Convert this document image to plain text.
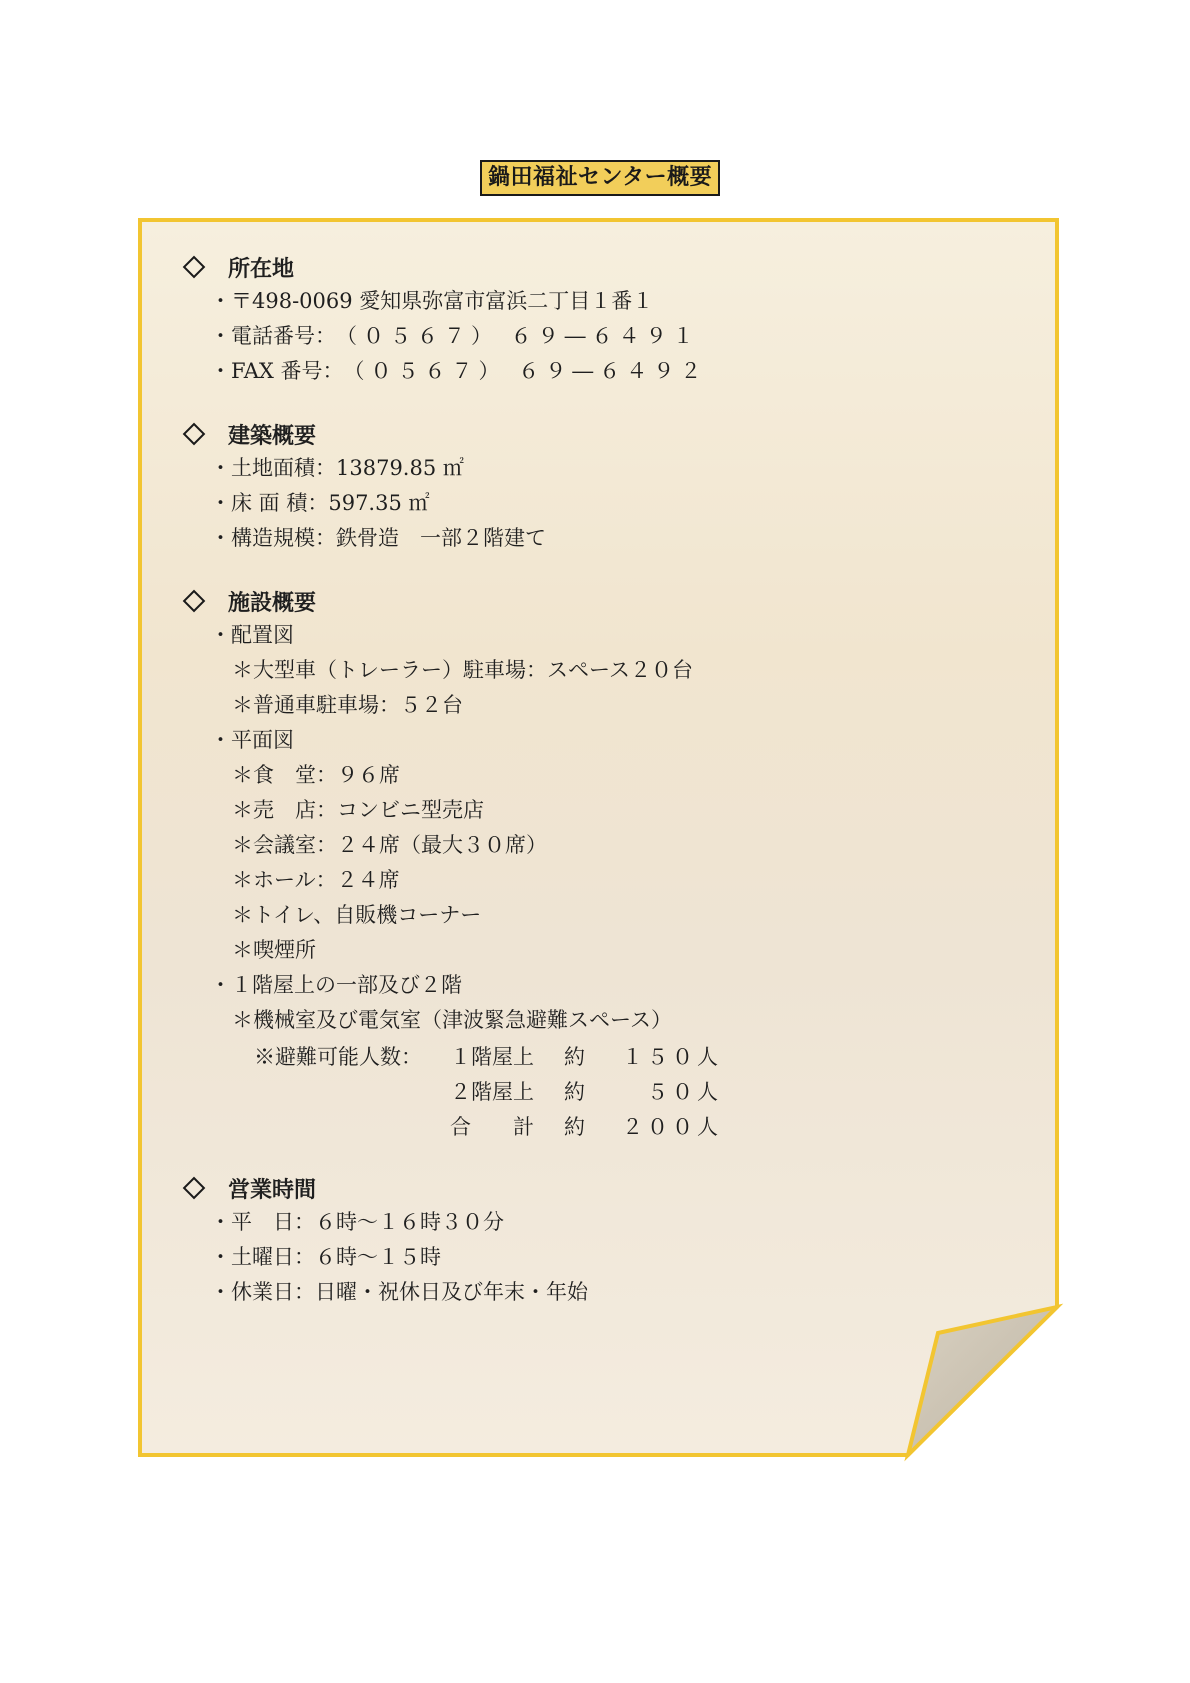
鍋田福祉センター概要
所在地
・〒498-0069 愛知県弥富市富浜二丁目１番１
・電話番号：（０５６７） ６９―６４９１
・FAX 番号：（０５６７） ６９―６４９２
建築概要
・土地面積：13879.85 ㎡
・床 面 積：597.35 ㎡
・構造規模：鉄骨造　一部２階建て
施設概要
・配置図
＊大型車（トレーラー）駐車場：スペース２０台
＊普通車駐車場：５２台
・平面図
＊食　堂：９６席
＊売　店：コンビニ型売店
＊会議室：２４席（最大３０席）
＊ホール：２４席
＊トイレ、自販機コーナー
＊喫煙所
・１階屋上の一部及び２階
＊機械室及び電気室（津波緊急避難スペース）
※避難可能人数：	１階屋上	約	１５０人
	２階屋上	約	　５０人
	合　　計	約	２００人
営業時間
・平　日：６時～１６時３０分
・土曜日：６時～１５時
・休業日：日曜・祝休日及び年末・年始
